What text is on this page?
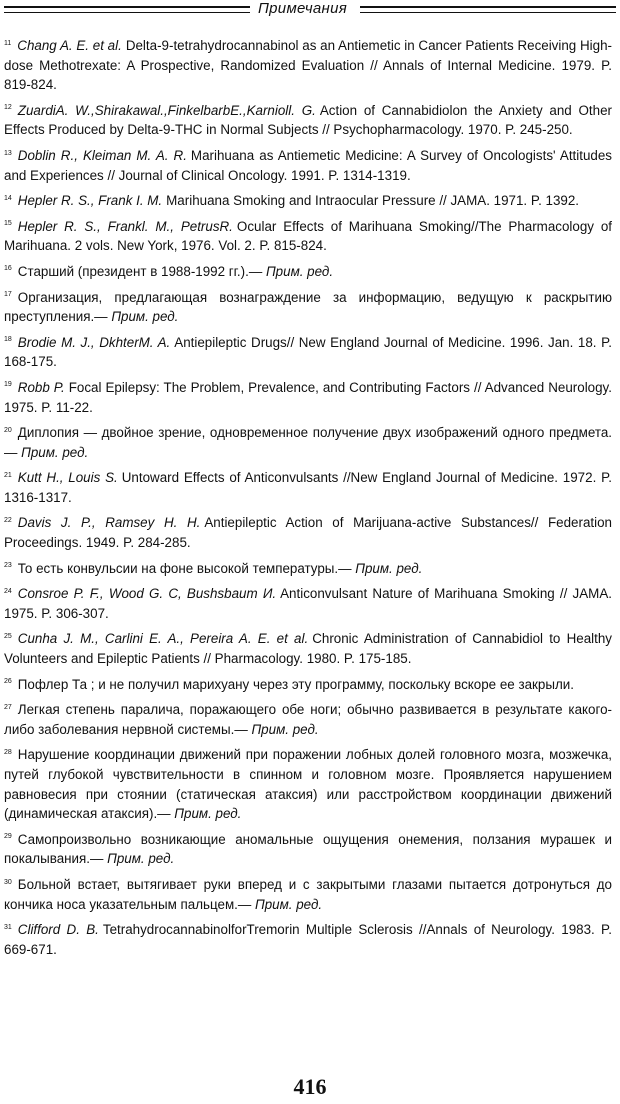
Примечания

$^{11}$ Chang A. E. et al. Delta-9-tetrahydrocannabinol as an Antiemetic in Cancer Patients Receiving High-dose Methotrexate: A Prospective, Randomized Evaluation // Annals of Internal Medicine. 1979. P. 819-824.

$^{12}$ ZuardiA. W.,Shirakawal.,FinkelbarbE.,Karnioll. G. Action of Cannabidiolon the Anxiety and Other Effects Produced by Delta-9-THC in Normal Subjects // Psychopharmacology. 1970. P. 245-250.

$^{13}$ Doblin R., Kleiman M. A. R. Marihuana as Antiemetic Medicine: A Survey of Oncologists' Attitudes and Experiences // Journal of Clinical Oncology. 1991. P. 1314-1319.

$^{14}$ Hepler R. S., Frank I. M. Marihuana Smoking and Intraocular Pressure // JAMA. 1971. P. 1392.

$^{15}$ Hepler R. S., Frankl. M., PetrusR. Ocular Effects of Marihuana Smoking//The Pharmacology of Marihuana. 2 vols. New York, 1976. Vol. 2. P. 815-824.

$^{16}$ Старший (президент в 1988-1992 гг.).— Прим. ред.

$^{17}$ Организация, предлагающая вознаграждение за информацию, ведущую к раскрытию преступления.— Прим. ред.

$^{18}$ Brodie M. J., DkhterM. A. Antiepileptic Drugs// New England Journal of Medicine. 1996. Jan. 18. P. 168-175.

$^{19}$ Robb P. Focal Epilepsy: The Problem, Prevalence, and Contributing Factors // Advanced Neurology. 1975. P. 11-22.

$^{20}$ Диплопия — двойное зрение, одновременное получение двух изображений одного предмета.— Прим. ред.

$^{21}$ Kutt H., Louis S. Untoward Effects of Anticonvulsants //New England Journal of Medicine. 1972. P. 1316-1317.

$^{22}$ Davis J. P., Ramsey H. H. Antiepileptic Action of Marijuana-active Substances// Federation Proceedings. 1949. P. 284-285.

$^{23}$ То есть конвульсии на фоне высокой температуры.— Прим. ред.

$^{24}$ Consroe P. F., Wood G. C, Bushsbaum И. Anticonvulsant Nature of Marihuana Smoking // JAMA. 1975. P. 306-307.

$^{25}$ Cunha J. M., Carlini E. A., Pereira A. E. et al. Chronic Administration of Cannabidiol to Healthy Volunteers and Epileptic Patients // Pharmacology. 1980. P. 175-185.

$^{26}$ Пофлер Та ; и не получил марихуану через эту программу, поскольку вскоре ее закрыли.

$^{27}$ Легкая степень паралича, поражающего обе ноги; обычно развивается в результате какого-либо заболевания нервной системы.— Прим. ред.

$^{28}$ Нарушение координации движений при поражении лобных долей головного мозга, мозжечка, путей глубокой чувствительности в спинном и головном мозге. Проявляется нарушением равновесия при стоянии (статическая атаксия) или расстройством координации движений (динамическая атаксия).— Прим. ред.

$^{29}$ Самопроизвольно возникающие аномальные ощущения онемения, ползания мурашек и покалывания.— Прим. ред.

$^{30}$ Больной встает, вытягивает руки вперед и с закрытыми глазами пытается дотронуться до кончика носа указательным пальцем.— Прим. ред.

$^{31}$ Clifford D. B. TetrahydrocannabinolforTremorin Multiple Sclerosis //Annals of Neurology. 1983. P. 669-671.

416
